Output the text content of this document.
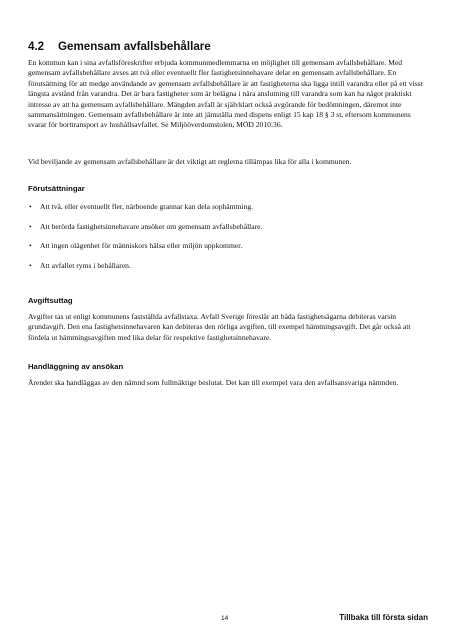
4.2 Gemensam avfallsbehållare

En kommun kan i sina avfallsföreskrifter erbjuda kommunmedlemmarna en möjlighet till gemensam avfallsbehållare. Med gemensam avfallsbehållare avses att två eller eventuellt fler fastighetsinnehavare delar en gemensam avfallsbehållare. En förutsättning för att medge användande av gemensam avfallsbehållare är att fastigheterna ska ligga intill varandra eller på ett visst längsta avstånd från varandra. Det är bara fastigheter som är belägna i nära anslutning till varandra som kan ha något praktiskt intresse av att ha gemensam avfallsbehållare. Mängden avfall är självklart också avgörande för bedömningen, däremot inte sammansättningen. Gemensam avfallsbehållare är inte att jämställa med dispens enligt 15 kap 18 § 3 st, eftersom kommunens svarar för borttransport av hushållsavfallet. Se Miljööverdomstolen, MÖD 2010:36.

Vid beviljande av gemensam avfallsbehållare är det viktigt att reglerna tillämpas lika för alla i kommunen.

Förutsättningar
• Att två, eller eventuellt fler, närboende grannar kan dela sophämtning.
• Att berörda fastighetsinnehavare ansöker om gemensam avfallsbehållare.
• Att ingen olägenhet för människors hälsa eller miljön uppkommer.
• Att avfallet ryms i behållaren.
Avgiftsuttag

Avgifter tas ut enligt kommunens fastställda avfallstaxa. Avfall Sverige föreslår att båda fastighetsägarna debiteras varsin grundavgift. Den ena fastighetsinnehavaren kan debiteras den rörliga avgiften, till exempel hämtningsavgift. Det går också att fördela ut hämtningsavgiften med lika delar för respektive fastighetsinnehavare.

Handläggning av ansökan

Ärendet ska handläggas av den nämnd som fullmäktige beslutat. Det kan till exempel vara den avfallsansvariga nämnden.

14	Tillbaka till första sidan
